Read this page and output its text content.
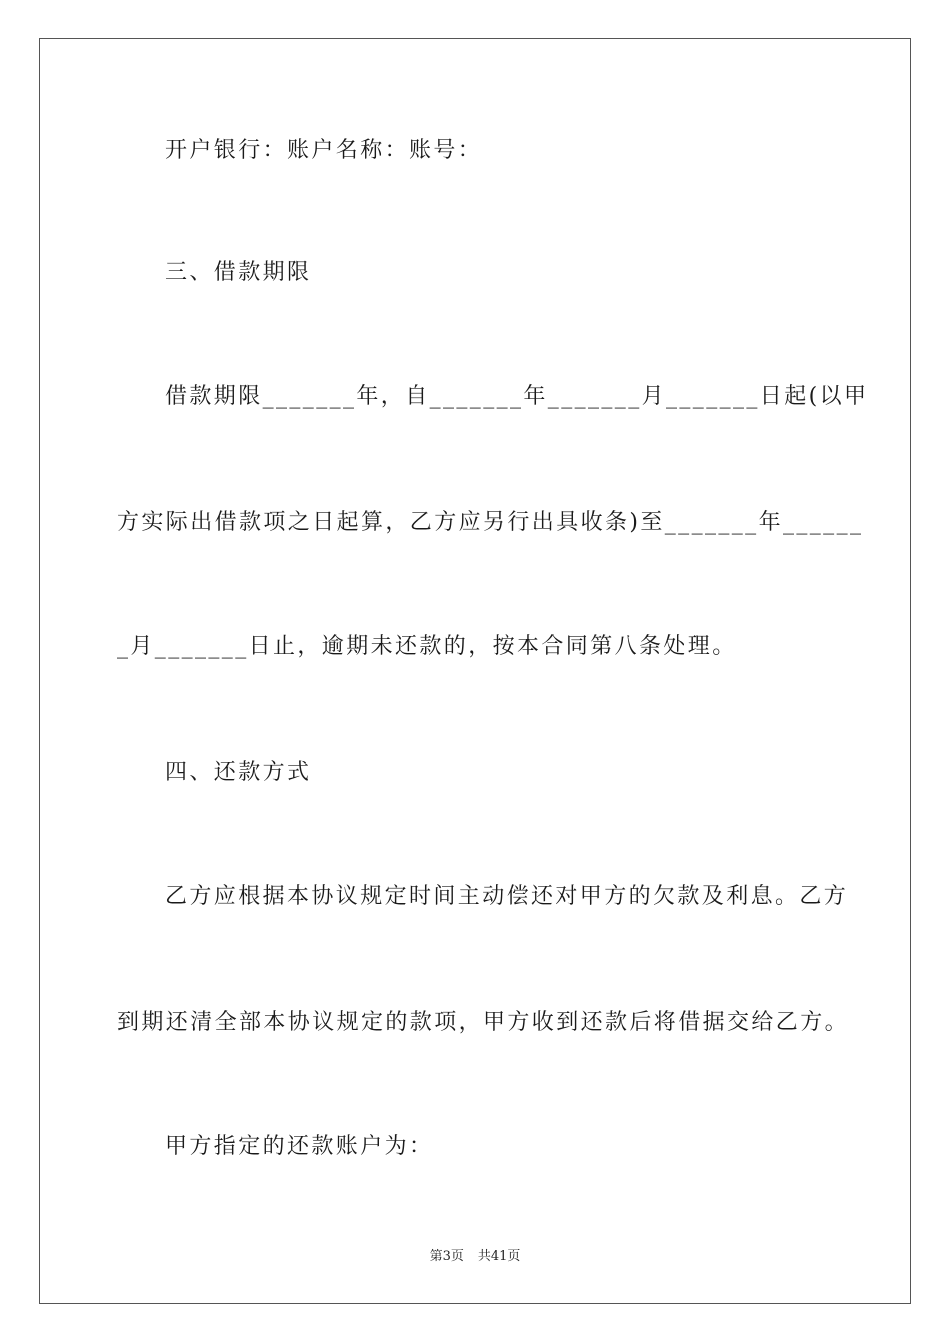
开户银行：账户名称：账号：
三、借款期限
借款期限_______年，自_______年_______月_______日起(以甲
方实际出借款项之日起算，乙方应另行出具收条)至_______年______
_月_______日止，逾期未还款的，按本合同第八条处理。
四、还款方式
乙方应根据本协议规定时间主动偿还对甲方的欠款及利息。乙方
到期还清全部本协议规定的款项，甲方收到还款后将借据交给乙方。
甲方指定的还款账户为：
第3页 共41页
